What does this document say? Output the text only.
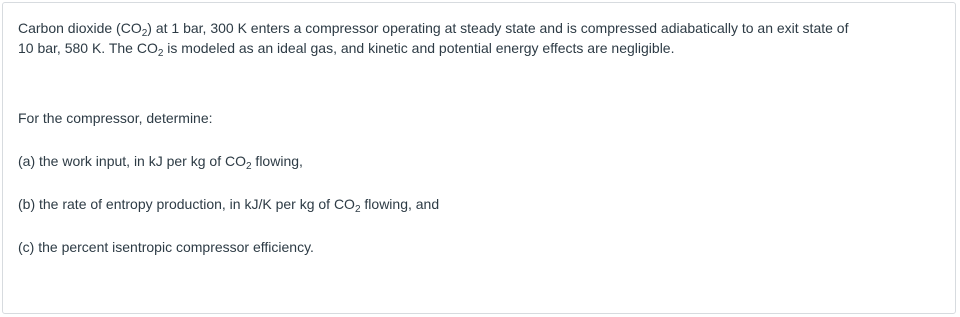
Carbon dioxide $(CO_2)$ at 1 bar, 300 K enters a compressor operating at steady state and is compressed adiabatically to an exit state of
10 bar, 580 K. The $CO_2$ is modeled as an ideal gas, and kinetic and potential energy effects are negligible.

For the compressor, determine:

(a) the work input, in kJ per kg of $CO_2$ flowing,

(b) the rate of entropy production, in kJ/K per kg of $CO_2$ flowing, and

(c) the percent isentropic compressor efficiency.
